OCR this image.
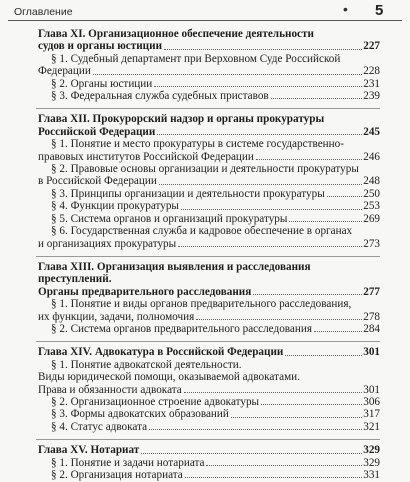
Оглавление	• 5
Глава XI. Организационное обеспечение деятельности
судов и органы юстиции	227
§ 1. Судебный департамент при Верховном Суде Российской
Федерации	228
§ 2. Органы юстиции	231
§ 3. Федеральная служба судебных приставов	239
Глава XII. Прокурорский надзор и органы прокуратуры
Российской Федерации	245
§ 1. Понятие и место прокуратуры в системе государственно-
правовых институтов Российской Федерации	246
§ 2. Правовые основы организации и деятельности прокуратуры
в Российской Федерации	248
§ 3. Принципы организации и деятельности прокуратуры	250
§ 4. Функции прокуратуры	253
§ 5. Система органов и организаций прокуратуры	269
§ 6. Государственная служба и кадровое обеспечение в органах
и организациях прокуратуры	273
Глава XIII. Организация выявления и расследования преступлений.
Органы предварительного расследования	277
§ 1. Понятие и виды органов предварительного расследования,
их функции, задачи, полномочия	278
§ 2. Система органов предварительного расследования	284
Глава XIV. Адвокатура в Российской Федерации	301
§ 1. Понятие адвокатской деятельности.
Виды юридической помощи, оказываемой адвокатами.
Права и обязанности адвоката	301
§ 2. Организационное строение адвокатуры	306
§ 3. Формы адвокатских образований	317
§ 4. Статус адвоката	321
Глава XV. Нотариат	329
§ 1. Понятие и задачи нотариата	329
§ 2. Организация нотариата	331
